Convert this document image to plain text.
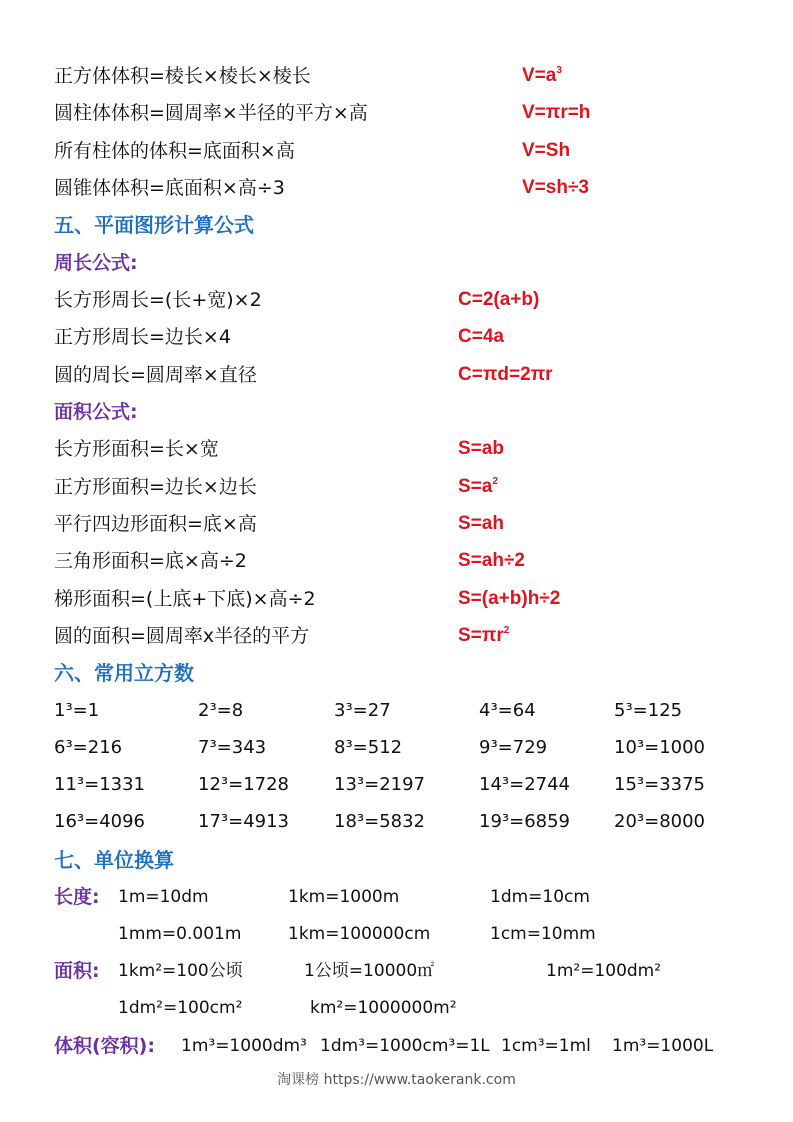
正方体体积=棱长×棱长×棱长	$V=a^3$
圆柱体体积=圆周率×半径的平方×高	V=πr=h
所有柱体的体积=底面积×高	V=Sh
圆锥体体积=底面积×高÷3	V=sh÷3
五、平面图形计算公式
周长公式:
长方形周长=(长+宽)×2	C=2(a+b)
正方形周长=边长×4	C=4a
圆的周长=圆周率×直径	C=πd=2πr
面积公式:
长方形面积=长×宽	S=ab
正方形面积=边长×边长	$S=a^2$
平行四边形面积=底×高	S=ah
三角形面积=底×高÷2	S=ah÷2
梯形面积=(上底+下底)×高÷2	S=(a+b)h÷2
圆的面积=圆周率x半径的平方	$S=\pi r^2$
六、常用立方数
1³=1	2³=8	3³=27	4³=64	5³=125
6³=216	7³=343	8³=512	9³=729	10³=1000
11³=1331	12³=1728 13³=2197	14³=2744 15³=3375
16³=4096	17³=4913 18³=5832	19³=6859 20³=8000
七、单位换算
长度: 1m=10dm	1km=1000m	1dm=10cm
1mm=0.001m	1km=100000cm	1cm=10mm
面积: 1km²=100公顷	1公顷=10000㎡	1m²=100dm²
1dm²=100cm²	km²=1000000m²
体积(容积): 1m³=1000dm³ 1dm³=1000cm³=1L 1cm³=1ml 1m³=1000L
淘课榜 https://www.taokerank.com
